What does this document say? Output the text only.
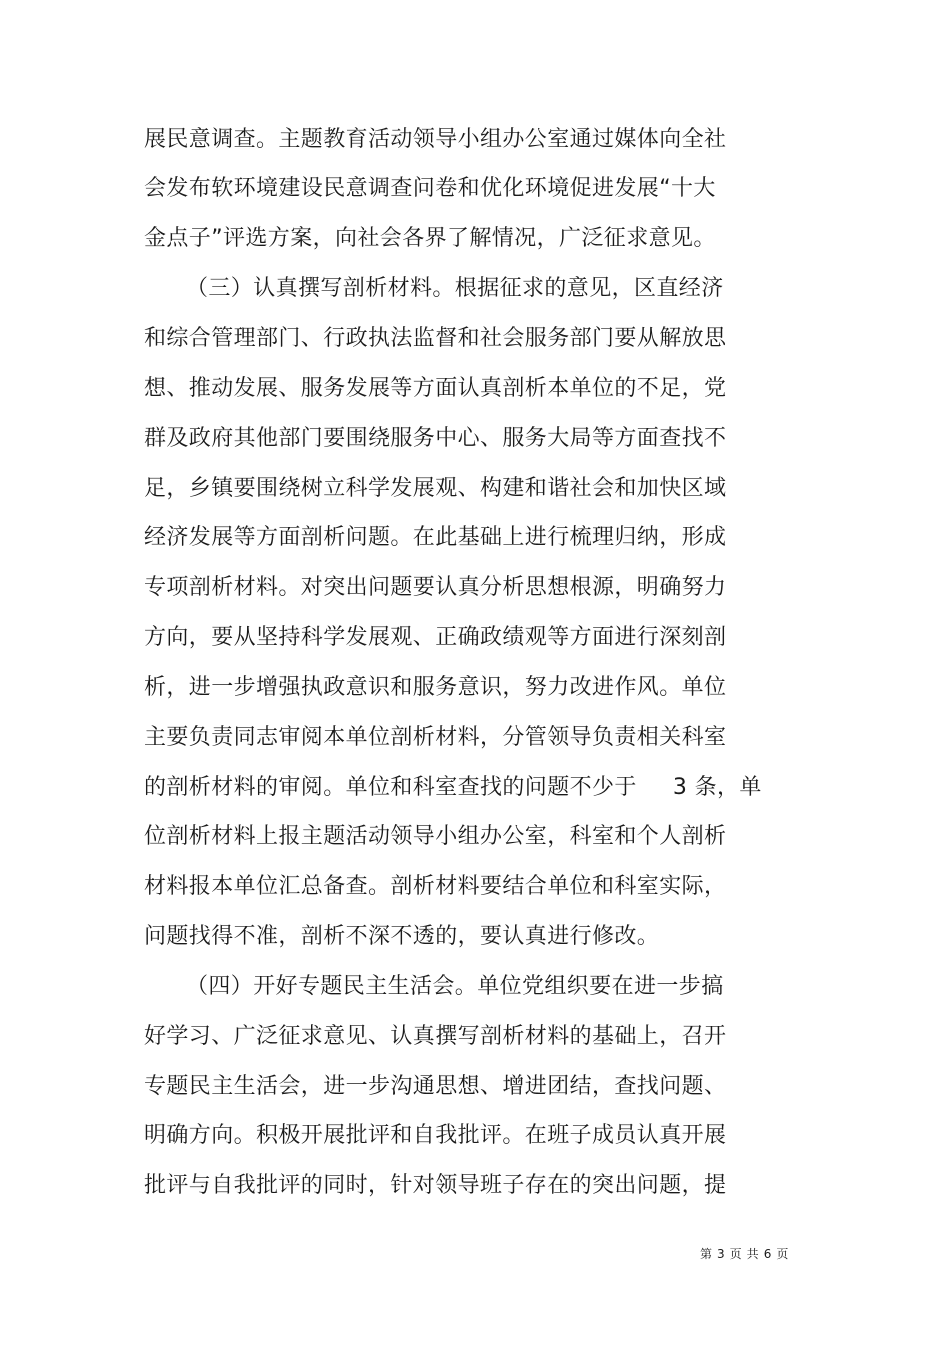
展民意调查。主题教育活动领导小组办公室通过媒体向全社
会发布软环境建设民意调查问卷和优化环境促进发展“十大
金点子”评选方案，向社会各界了解情况，广泛征求意见。
（三）认真撰写剖析材料。根据征求的意见，区直经济
和综合管理部门、行政执法监督和社会服务部门要从解放思
想、推动发展、服务发展等方面认真剖析本单位的不足，党
群及政府其他部门要围绕服务中心、服务大局等方面查找不
足，乡镇要围绕树立科学发展观、构建和谐社会和加快区域
经济发展等方面剖析问题。在此基础上进行梳理归纳，形成
专项剖析材料。对突出问题要认真分析思想根源，明确努力
方向，要从坚持科学发展观、正确政绩观等方面进行深刻剖
析，进一步增强执政意识和服务意识，努力改进作风。单位
主要负责同志审阅本单位剖析材料，分管领导负责相关科室
的剖析材料的审阅。单位和科室查找的问题不少于 3 条，单
位剖析材料上报主题活动领导小组办公室，科室和个人剖析
材料报本单位汇总备查。剖析材料要结合单位和科室实际，
问题找得不准，剖析不深不透的，要认真进行修改。
（四）开好专题民主生活会。单位党组织要在进一步搞
好学习、广泛征求意见、认真撰写剖析材料的基础上，召开
专题民主生活会，进一步沟通思想、增进团结，查找问题、
明确方向。积极开展批评和自我批评。在班子成员认真开展
批评与自我批评的同时，针对领导班子存在的突出问题，提
第 3 页 共 6 页
